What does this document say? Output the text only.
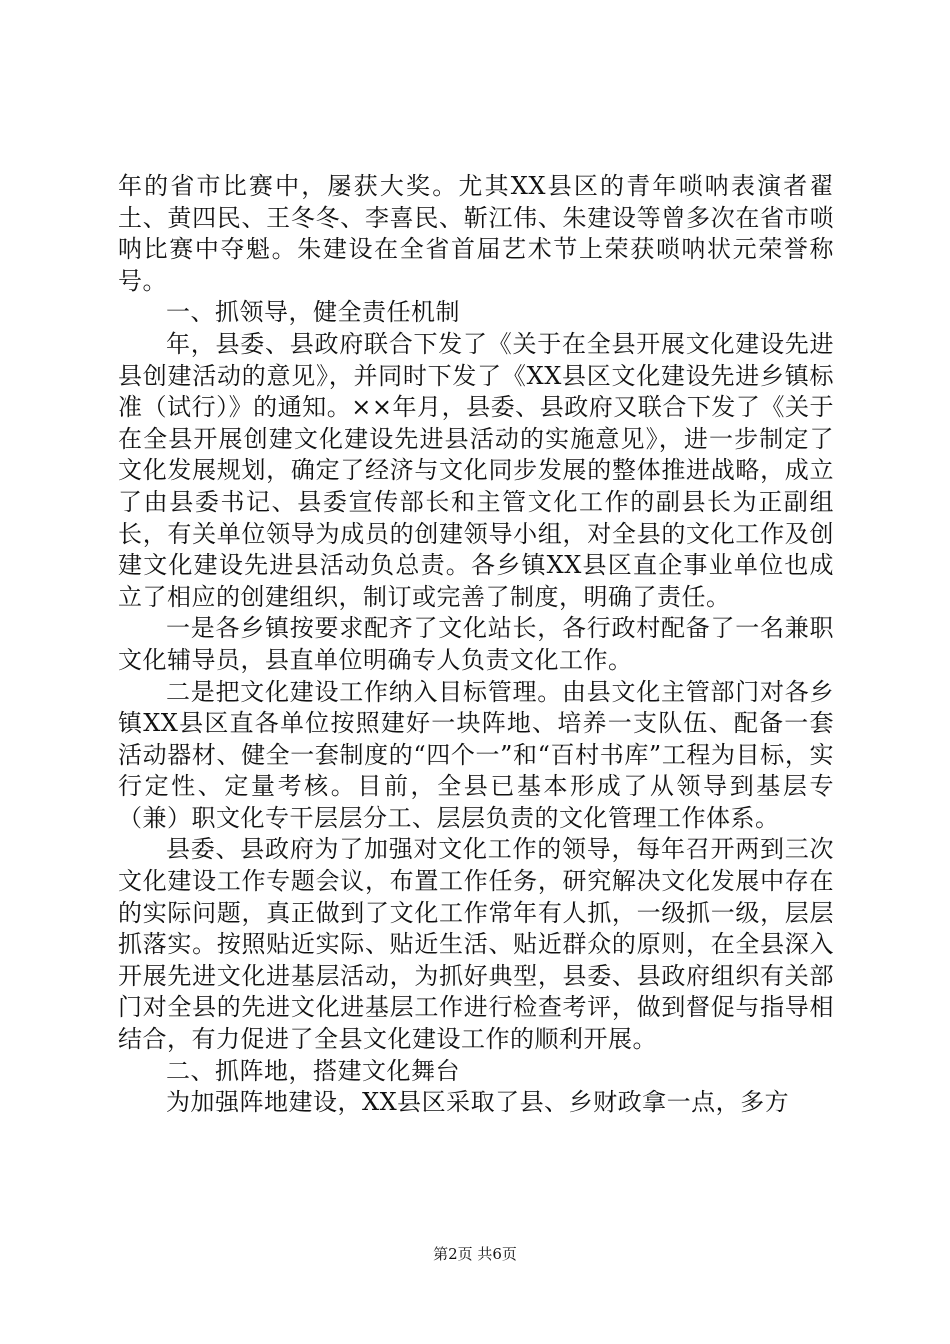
年的省市比赛中，屡获大奖。尤其XX县区的青年唢呐表演者翟土、黄四民、王冬冬、李喜民、靳江伟、朱建设等曾多次在省市唢呐比赛中夺魁。朱建设在全省首届艺术节上荣获唢呐状元荣誉称号。

一、抓领导，健全责任机制

年，县委、县政府联合下发了《关于在全县开展文化建设先进县创建活动的意见》，并同时下发了《XX县区文化建设先进乡镇标准（试行）》的通知。××年月，县委、县政府又联合下发了《关于在全县开展创建文化建设先进县活动的实施意见》，进一步制定了文化发展规划，确定了经济与文化同步发展的整体推进战略，成立了由县委书记、县委宣传部长和主管文化工作的副县长为正副组长，有关单位领导为成员的创建领导小组，对全县的文化工作及创建文化建设先进县活动负总责。各乡镇XX县区直企事业单位也成立了相应的创建组织，制订或完善了制度，明确了责任。

一是各乡镇按要求配齐了文化站长，各行政村配备了一名兼职文化辅导员，县直单位明确专人负责文化工作。

二是把文化建设工作纳入目标管理。由县文化主管部门对各乡镇XX县区直各单位按照建好一块阵地、培养一支队伍、配备一套活动器材、健全一套制度的“四个一”和“百村书库”工程为目标，实行定性、定量考核。目前，全县已基本形成了从领导到基层专（兼）职文化专干层层分工、层层负责的文化管理工作体系。

县委、县政府为了加强对文化工作的领导，每年召开两到三次文化建设工作专题会议，布置工作任务，研究解决文化发展中存在的实际问题，真正做到了文化工作常年有人抓，一级抓一级，层层抓落实。按照贴近实际、贴近生活、贴近群众的原则，在全县深入开展先进文化进基层活动，为抓好典型，县委、县政府组织有关部门对全县的先进文化进基层工作进行检查考评，做到督促与指导相结合，有力促进了全县文化建设工作的顺利开展。

二、抓阵地，搭建文化舞台

为加强阵地建设，XX县区采取了县、乡财政拿一点，多方

第2页 共6页
